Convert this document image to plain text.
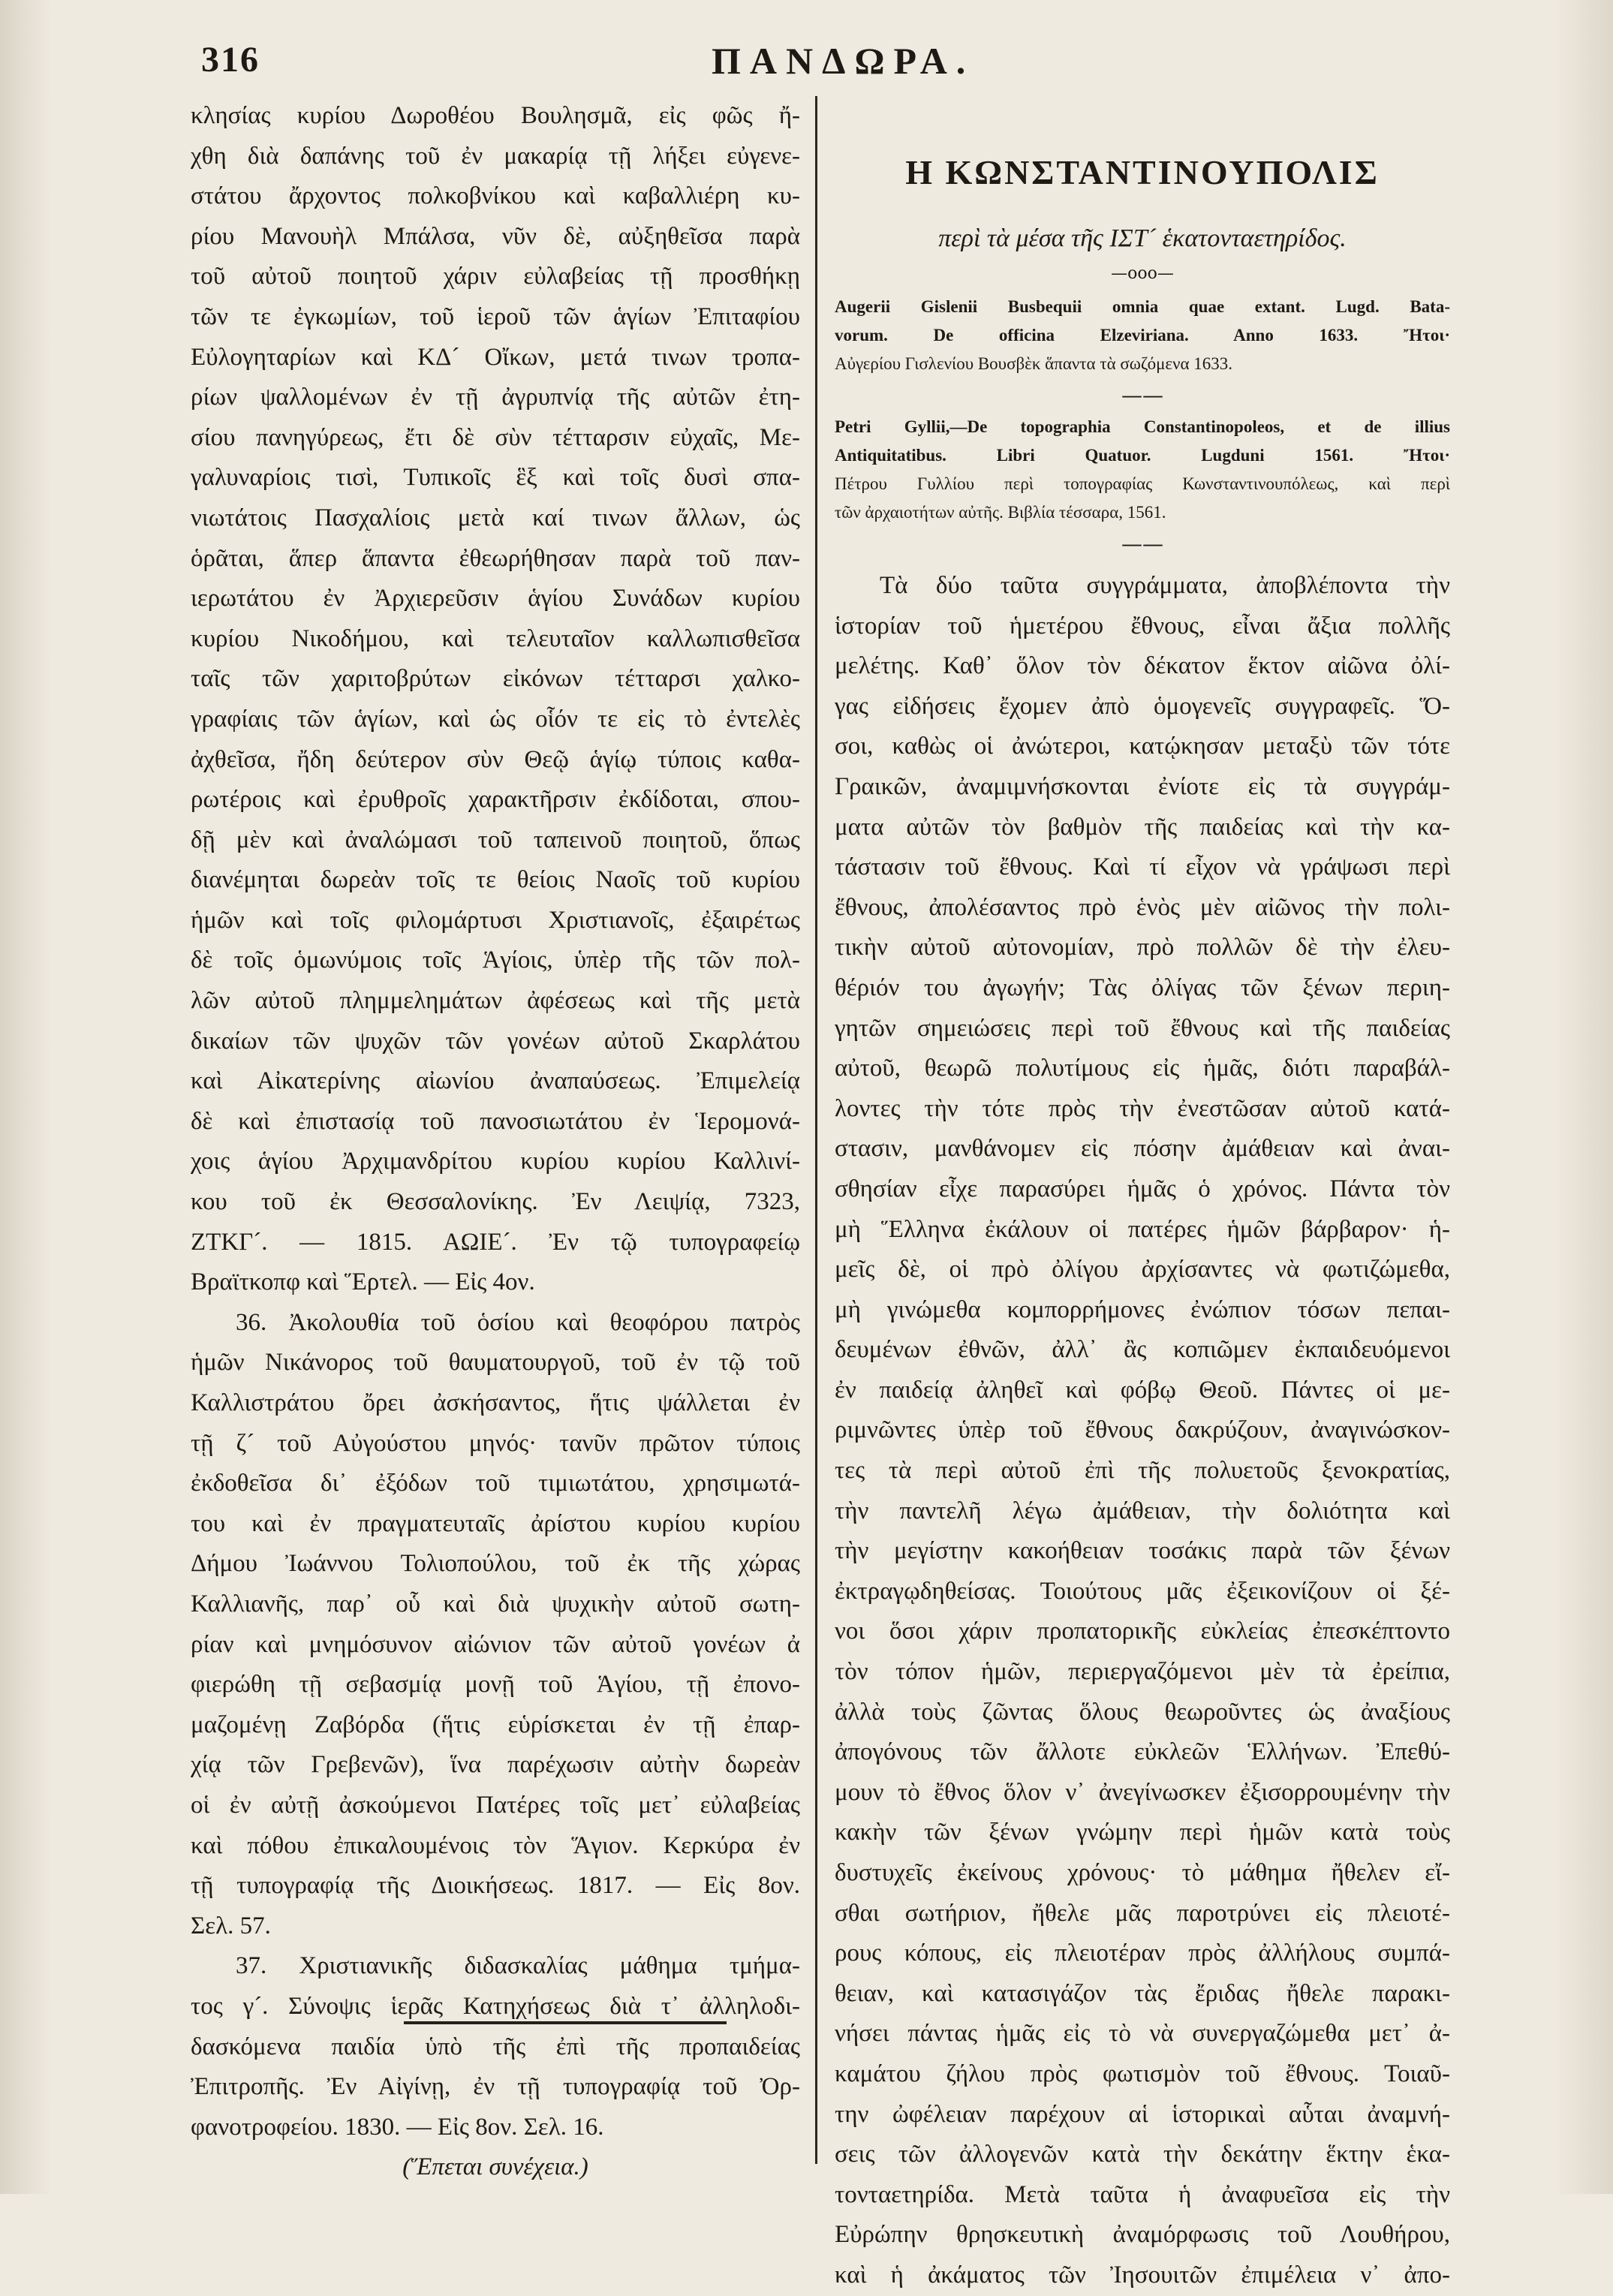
316	ΠΑΝΔΩΡΑ.
κλησίας κυρίου Δωροθέου Βουλησμᾶ, εἰς φῶς ἤ-
χθη διὰ δαπάνης τοῦ ἐν μακαρίᾳ τῇ λήξει εὐγενε-
στάτου ἄρχοντος πολκοβνίκου καὶ καβαλλιέρη κυ-
ρίου Μανουὴλ Μπάλσα, νῦν δὲ, αὐξηθεῖσα παρὰ
τοῦ αὐτοῦ ποιητοῦ χάριν εὐλαβείας τῇ προσθήκῃ
τῶν τε ἐγκωμίων, τοῦ ἱεροῦ τῶν ἁγίων Ἐπιταφίου
Εὐλογηταρίων καὶ ΚΔ´ Οἴκων, μετά τινων τροπα-
ρίων ψαλλομένων ἐν τῇ ἀγρυπνίᾳ τῆς αὐτῶν ἐτη-
σίου πανηγύρεως, ἔτι δὲ σὺν τέτταρσιν εὐχαῖς, Με-
γαλυναρίοις τισὶ, Τυπικοῖς ἓξ καὶ τοῖς δυσὶ σπα-
νιωτάτοις Πασχαλίοις μετὰ καί τινων ἄλλων, ὡς
ὁρᾶται, ἅπερ ἅπαντα ἐθεωρήθησαν παρὰ τοῦ παν-
ιερωτάτου ἐν Ἀρχιερεῦσιν ἁγίου Συνάδων κυρίου
κυρίου Νικοδήμου, καὶ τελευταῖον καλλωπισθεῖσα
ταῖς τῶν χαριτοβρύτων εἰκόνων τέτταρσι χαλκο-
γραφίαις τῶν ἁγίων, καὶ ὡς οἷόν τε εἰς τὸ ἐντελὲς
ἀχθεῖσα, ἤδη δεύτερον σὺν Θεῷ ἁγίῳ τύποις καθα-
ρωτέροις καὶ ἐρυθροῖς χαρακτῆρσιν ἐκδίδοται, σπου-
δῇ μὲν καὶ ἀναλώμασι τοῦ ταπεινοῦ ποιητοῦ, ὅπως
διανέμηται δωρεὰν τοῖς τε θείοις Ναοῖς τοῦ κυρίου
ἡμῶν καὶ τοῖς φιλομάρτυσι Χριστιανοῖς, ἐξαιρέτως
δὲ τοῖς ὁμωνύμοις τοῖς Ἁγίοις, ὑπὲρ τῆς τῶν πολ-
λῶν αὐτοῦ πλημμελημάτων ἀφέσεως καὶ τῆς μετὰ
δικαίων τῶν ψυχῶν τῶν γονέων αὐτοῦ Σκαρλάτου
καὶ Αἰκατερίνης αἰωνίου ἀναπαύσεως. Ἐπιμελείᾳ
δὲ καὶ ἐπιστασίᾳ τοῦ πανοσιωτάτου ἐν Ἱερομονά-
χοις ἁγίου Ἀρχιμανδρίτου κυρίου κυρίου Καλλινί-
κου τοῦ ἐκ Θεσσαλονίκης. Ἐν Λειψίᾳ, 7323,
ΖΤΚΓ´. — 1815. ΑΩΙΕ´. Ἐν τῷ τυπογραφείῳ
Βραϊτκοπφ καὶ Ἕρτελ. — Εἰς 4ον.
36. Ἀκολουθία τοῦ ὁσίου καὶ θεοφόρου πατρὸς
ἡμῶν Νικάνορος τοῦ θαυματουργοῦ, τοῦ ἐν τῷ τοῦ
Καλλιστράτου ὄρει ἀσκήσαντος, ἥτις ψάλλεται ἐν
τῇ ζ´ τοῦ Αὐγούστου μηνός· τανῦν πρῶτον τύποις
ἐκδοθεῖσα δι᾿ ἐξόδων τοῦ τιμιωτάτου, χρησιμωτά-
του καὶ ἐν πραγματευταῖς ἀρίστου κυρίου κυρίου
Δήμου Ἰωάννου Τολιοπούλου, τοῦ ἐκ τῆς χώρας
Καλλιανῆς, παρ᾿ οὗ καὶ διὰ ψυχικὴν αὐτοῦ σωτη-
ρίαν καὶ μνημόσυνον αἰώνιον τῶν αὐτοῦ γονέων ἀ
φιερώθη τῇ σεβασμίᾳ μονῇ τοῦ Ἁγίου, τῇ ἐπονο-
μαζομένῃ Ζαβόρδα (ἥτις εὑρίσκεται ἐν τῇ ἐπαρ-
χίᾳ τῶν Γρεβενῶν), ἵνα παρέχωσιν αὐτὴν δωρεὰν
οἱ ἐν αὐτῇ ἀσκούμενοι Πατέρες τοῖς μετ᾿ εὐλαβείας
καὶ πόθου ἐπικαλουμένοις τὸν Ἅγιον. Κερκύρα ἐν
τῇ τυπογραφίᾳ τῆς Διοικήσεως. 1817. — Εἰς 8ον.
Σελ. 57.
37. Χριστιανικῆς διδασκαλίας μάθημα τμήμα-
τος γ´. Σύνοψις ἱερᾶς Κατηχήσεως διὰ τ᾿ ἀλληλοδι-
δασκόμενα παιδία ὑπὸ τῆς ἐπὶ τῆς προπαιδείας
Ἐπιτροπῆς. Ἐν Αἰγίνῃ, ἐν τῇ τυπογραφίᾳ τοῦ Ὀρ-
φανοτροφείου. 1830. — Εἰς 8ον. Σελ. 16.
(Ἕπεται συνέχεια.)
Η ΚΩΝΣΤΑΝΤΙΝΟΥΠΟΛΙΣ
περὶ τὰ μέσα τῆς ΙΣΤ´ ἑκατονταετηρίδος.
—ooo—
Augerii Gislenii Busbequii omnia quae extant. Lugd. Bata-
vorum. De officina Elzeviriana. Anno 1633. Ἤτοι·
Αὐγερίου Γισλενίου Βουσβὲκ ἅπαντα τὰ σωζόμενα 1633.
——
Petri Gyllii,—De topographia Constantinopoleos, et de illius
Antiquitatibus. Libri Quatuor. Lugduni 1561. Ἤτοι·
Πέτρου Γυλλίου περὶ τοπογραφίας Κωνσταντινουπόλεως, καὶ περὶ
τῶν ἀρχαιοτήτων αὐτῆς. Βιβλία τέσσαρα, 1561.
——
Τὰ δύο ταῦτα συγγράμματα, ἀποβλέποντα τὴν
ἱστορίαν τοῦ ἡμετέρου ἔθνους, εἶναι ἄξια πολλῆς
μελέτης. Καθ᾿ ὅλον τὸν δέκατον ἕκτον αἰῶνα ὀλί-
γας εἰδήσεις ἔχομεν ἀπὸ ὁμογενεῖς συγγραφεῖς. Ὅ-
σοι, καθὼς οἱ ἀνώτεροι, κατῴκησαν μεταξὺ τῶν τότε
Γραικῶν, ἀναμιμνήσκονται ἐνίοτε εἰς τὰ συγγράμ-
ματα αὐτῶν τὸν βαθμὸν τῆς παιδείας καὶ τὴν κα-
τάστασιν τοῦ ἔθνους. Καὶ τί εἶχον νὰ γράψωσι περὶ
ἔθνους, ἀπολέσαντος πρὸ ἑνὸς μὲν αἰῶνος τὴν πολι-
τικὴν αὐτοῦ αὐτονομίαν, πρὸ πολλῶν δὲ τὴν ἐλευ-
θέριόν του ἀγωγήν; Τὰς ὀλίγας τῶν ξένων περιη-
γητῶν σημειώσεις περὶ τοῦ ἔθνους καὶ τῆς παιδείας
αὐτοῦ, θεωρῶ πολυτίμους εἰς ἡμᾶς, διότι παραβάλ-
λοντες τὴν τότε πρὸς τὴν ἐνεστῶσαν αὐτοῦ κατά-
στασιν, μανθάνομεν εἰς πόσην ἀμάθειαν καὶ ἀναι-
σθησίαν εἶχε παρασύρει ἡμᾶς ὁ χρόνος. Πάντα τὸν
μὴ Ἕλληνα ἐκάλουν οἱ πατέρες ἡμῶν βάρβαρον· ἡ-
μεῖς δὲ, οἱ πρὸ ὀλίγου ἀρχίσαντες νὰ φωτιζώμεθα,
μὴ γινώμεθα κομπορρήμονες ἐνώπιον τόσων πεπαι-
δευμένων ἐθνῶν, ἀλλ᾿ ἂς κοπιῶμεν ἐκπαιδευόμενοι
ἐν παιδείᾳ ἀληθεῖ καὶ φόβῳ Θεοῦ. Πάντες οἱ με-
ριμνῶντες ὑπὲρ τοῦ ἔθνους δακρύζουν, ἀναγινώσκον-
τες τὰ περὶ αὐτοῦ ἐπὶ τῆς πολυετοῦς ξενοκρατίας,
τὴν παντελῆ λέγω ἀμάθειαν, τὴν δολιότητα καὶ
τὴν μεγίστην κακοήθειαν τοσάκις παρὰ τῶν ξένων
ἐκτραγῳδηθείσας. Τοιούτους μᾶς ἐξεικονίζουν οἱ ξέ-
νοι ὅσοι χάριν προπατορικῆς εὐκλείας ἐπεσκέπτοντο
τὸν τόπον ἡμῶν, περιεργαζόμενοι μὲν τὰ ἐρείπια,
ἀλλὰ τοὺς ζῶντας ὅλους θεωροῦντες ὡς ἀναξίους
ἀπογόνους τῶν ἄλλοτε εὐκλεῶν Ἑλλήνων. Ἐπεθύ-
μουν τὸ ἔθνος ὅλον ν᾿ ἀνεγίνωσκεν ἐξισορρουμένην τὴν
κακὴν τῶν ξένων γνώμην περὶ ἡμῶν κατὰ τοὺς
δυστυχεῖς ἐκείνους χρόνους· τὸ μάθημα ἤθελεν εἴ-
σθαι σωτήριον, ἤθελε μᾶς παροτρύνει εἰς πλειοτέ-
ρους κόπους, εἰς πλειοτέραν πρὸς ἀλλήλους συμπά-
θειαν, καὶ κατασιγάζον τὰς ἔριδας ἤθελε παρακι-
νήσει πάντας ἡμᾶς εἰς τὸ νὰ συνεργαζώμεθα μετ᾿ ἀ-
καμάτου ζήλου πρὸς φωτισμὸν τοῦ ἔθνους. Τοιαῦ-
την ὠφέλειαν παρέχουν αἱ ἱστορικαὶ αὗται ἀναμνή-
σεις τῶν ἀλλογενῶν κατὰ τὴν δεκάτην ἕκτην ἑκα-
τονταετηρίδα. Μετὰ ταῦτα ἡ ἀναφυεῖσα εἰς τὴν
Εὐρώπην θρησκευτικὴ ἀναμόρφωσις τοῦ Λουθήρου,
καὶ ἡ ἀκάματος τῶν Ἰησουιτῶν ἐπιμέλεια ν᾿ ἀπο-
